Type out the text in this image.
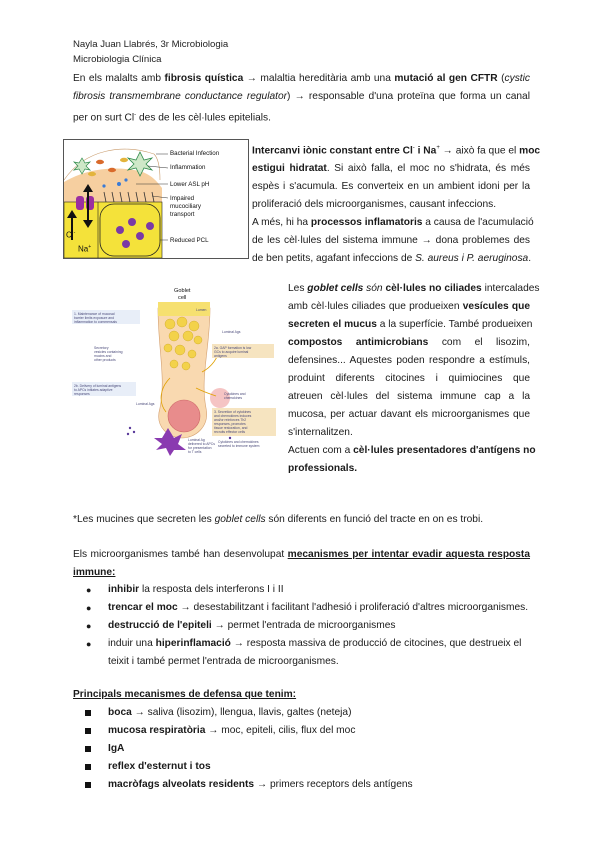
Nayla Juan Llabrés, 3r Microbiologia
Microbiologia Clínica
En els malalts amb fibrosis quística → malaltia hereditària amb una mutació al gen CFTR (cystic
fibrosis transmembrane conductance regulator) → responsable d'una proteïna que forma un canal
per on surt Cl- des de les cèl·lules epitelials.
Bacterial Infection
Inflammation
Lower ASL pH
Impaired
mucociliary
transport
Reduced PCL
Cl-
Na+
Intercanvi iònic constant entre Cl- i Na+ → això fa que el moc
estigui hidratat. Si això falla, el moc no s'hidrata, és més
espès i s'acumula. Es converteix en un ambient idoni per la
proliferació dels microorganismes, causant infeccions.
A més, hi ha processos inflamatoris a causa de l'acumulació
de les cèl·lules del sistema immune → dona problemes des
de ben petits, agafant infeccions de S. aureus i P. aeruginosa.
Goblet
cell
Lumen
Luminal Ags
Luminal Ags
1. Maintenance of mucosal
barrier limits exposure and
inflammation to commensals
2a. GAP formation is low
GCs to acquire luminal
antigens
2b. Delivery of luminal antigens
to APCs initiates adaptive
responses
Secretory
vesicles containing
mucins and
other products
Cytokines and
chemokines
3. Secretion of cytokines
and chemokines induces
and/or reinforces Th2
responses, promotes
tissue restoration, and
recruits effector cells
Cytokines and chemokines
secreted to immune system
Luminal Ag
delivered to APCs
for presentation
to T cells
Les goblet cells són cèl·lules no ciliades intercalades
amb cèl·lules ciliades que produeixen vesícules que
secreten el mucus a la superfície. També produeixen
compostos antimicrobians com el lisozim,
defensines... Aquestes poden respondre a estímuls,
produint diferents citocines i quimiocines que
atreuen cèl·lules del sistema immune cap a la
mucosa, per actuar davant els microorganismes que
s'internalitzen.
Actuen com a cèl·lules presentadores d'antígens no
professionals.
*Les mucines que secreten les goblet cells són diferents en funció del tracte en on es trobi.
Els microorganismes també han desenvolupat mecanismes per intentar evadir aquesta resposta
immune:
● inhibir la resposta dels interferons I i II
● trencar el moc → desestabilitzant i facilitant l'adhesió i proliferació d'altres microorganismes.
● destrucció de l'epiteli → permet l'entrada de microorganismes
● induir una hiperinflamació → resposta massiva de producció de citocines, que destrueix el
teixit i també permet l'entrada de microorganismes.
Principals mecanismes de defensa que tenim:
boca → saliva (lisozim), llengua, llavis, galtes (neteja)
mucosa respiratòria → moc, epiteli, cilis, flux del moc
IgA
reflex d'esternut i tos
macròfags alveolats residents → primers receptors dels antígens
